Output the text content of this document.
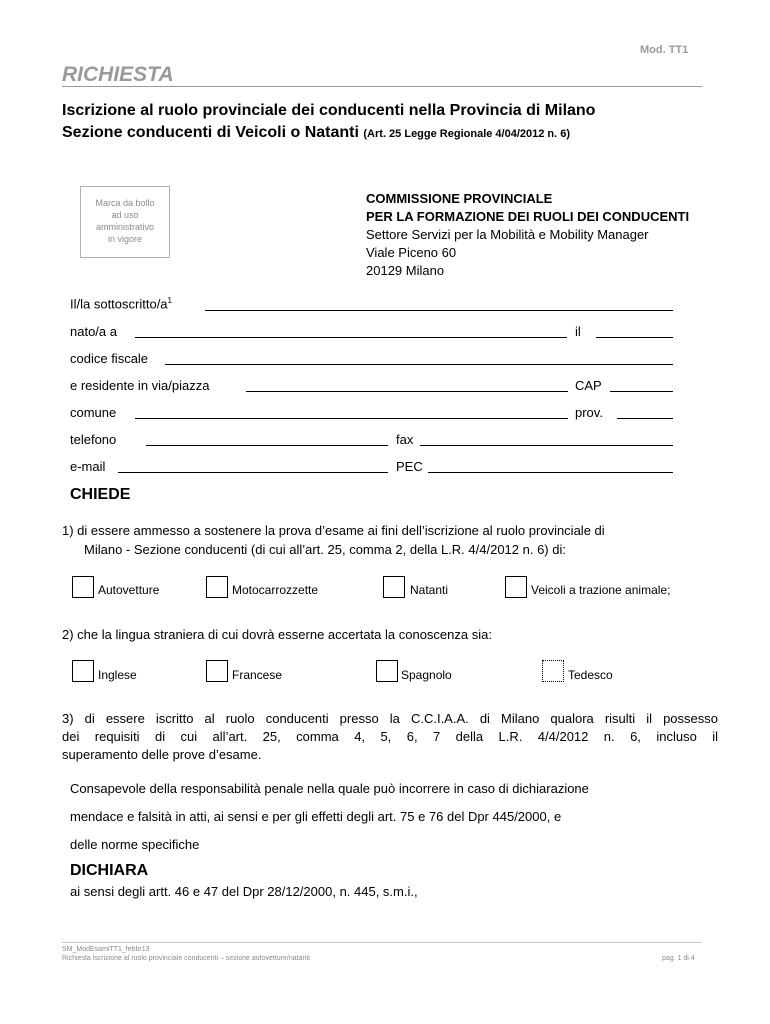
Mod. TT1
RICHIESTA
Iscrizione al ruolo provinciale dei conducenti nella Provincia di Milano
Sezione conducenti di Veicoli o Natanti (Art. 25 Legge Regionale 4/04/2012 n. 6)
Marca da bollo
ad uso
amministrativo
in vigore
COMMISSIONE PROVINCIALE
PER LA FORMAZIONE DEI RUOLI DEI CONDUCENTI
Settore Servizi per la Mobilità e Mobility Manager
Viale Piceno 60
20129 Milano
Il/la sottoscritto/$a^1$
nato/a a	il
codice fiscale
e residente in via/piazza	CAP
comune	prov.
telefono	fax
e-mail	PEC
CHIEDE
1) di essere ammesso a sostenere la prova d’esame ai fini dell’iscrizione al ruolo provinciale di
Milano - Sezione conducenti (di cui all’art. 25, comma 2, della L.R. 4/4/2012 n. 6) di:
Autovetture	Motocarrozzette	Natanti	Veicoli a trazione animale;
2) che la lingua straniera di cui dovrà esserne accertata la conoscenza sia:
Inglese	Francese	Spagnolo	Tedesco
3) di essere iscritto al ruolo conducenti presso la C.C.I.A.A. di Milano qualora risulti il possesso
dei requisiti di cui all’art. 25, comma 4, 5, 6, 7 della L.R. 4/4/2012 n. 6, incluso il
superamento delle prove d’esame.
Consapevole della responsabilità penale nella quale può incorrere in caso di dichiarazione
mendace e falsità in atti, ai sensi e per gli effetti degli art. 75 e 76 del Dpr 445/2000, e
delle norme specifiche
DICHIARA
ai sensi degli artt. 46 e 47 del Dpr 28/12/2000, n. 445, s.m.i.,
SM_ModEsamiTT1_febbr13
Richiesta iscrizione al ruolo provinciale conducenti – sezione autovetture/natanti	pag. 1 di 4
